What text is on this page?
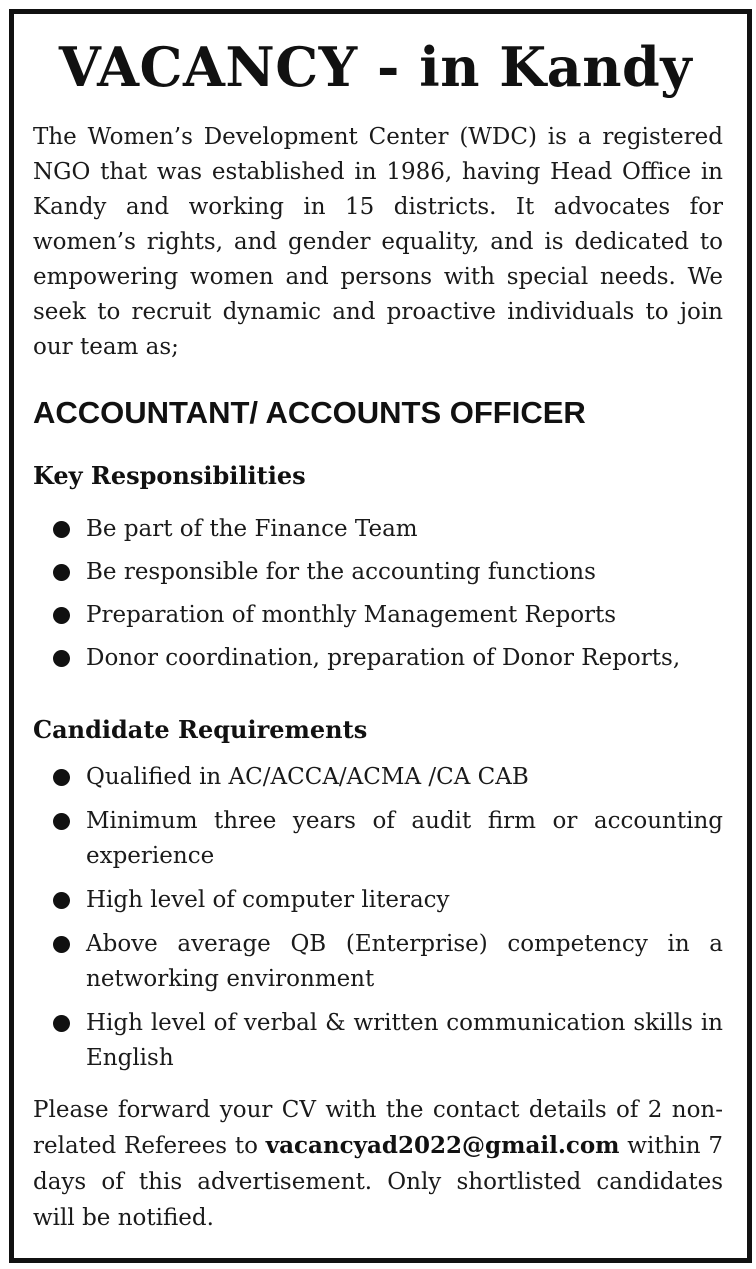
VACANCY - in Kandy

The Women’s Development Center (WDC) is a registered NGO that was established in 1986, having Head Office in Kandy and working in 15 districts. It advocates for women’s rights, and gender equality, and is dedicated to empowering women and persons with special needs. We seek to recruit dynamic and proactive individuals to join our team as;

ACCOUNTANT/ ACCOUNTS OFFICER
Key Responsibilities
Be part of the Finance Team
Be responsible for the accounting functions
Preparation of monthly Management Reports
Donor coordination, preparation of Donor Reports,
Candidate Requirements
Qualified in AC/ACCA/ACMA /CA CAB
Minimum three years of audit firm or accounting experience
High level of computer literacy
Above average QB (Enterprise) competency in a networking environment
High level of verbal & written communication skills in English

Please forward your CV with the contact details of 2 non-related Referees to vacancyad2022@gmail.com within 7 days of this advertisement. Only shortlisted candidates will be notified.
